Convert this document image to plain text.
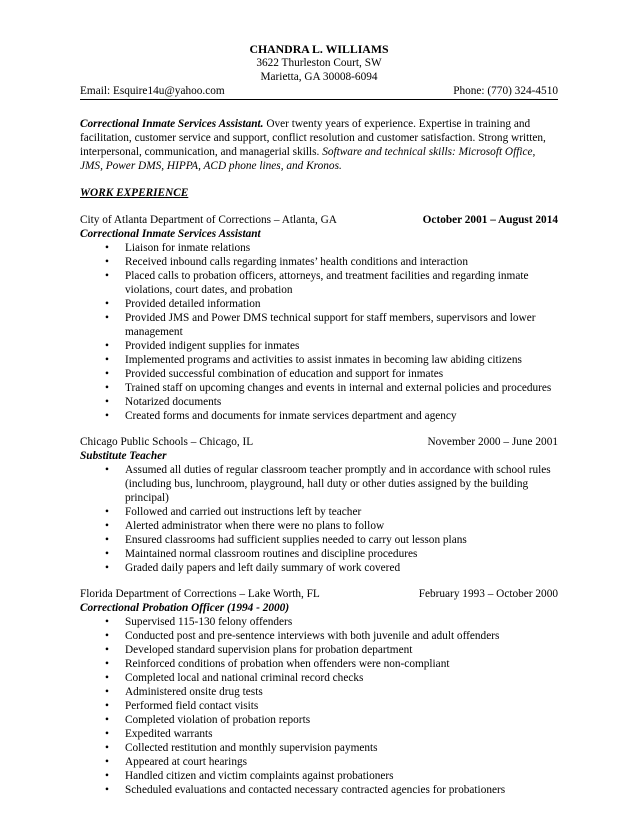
CHANDRA L. WILLIAMS
3622 Thurleston Court, SW
Marietta, GA 30008-6094
Email: Esquire14u@yahoo.com	Phone: (770) 324-4510
Correctional Inmate Services Assistant. Over twenty years of experience. Expertise in training and facilitation, customer service and support, conflict resolution and customer satisfaction. Strong written, interpersonal, communication, and managerial skills. Software and technical skills: Microsoft Office, JMS, Power DMS, HIPPA, ACD phone lines, and Kronos.
WORK EXPERIENCE
City of Atlanta Department of Corrections – Atlanta, GA	October 2001 – August 2014
Correctional Inmate Services Assistant
• Liaison for inmate relations
• Received inbound calls regarding inmates’ health conditions and interaction
• Placed calls to probation officers, attorneys, and treatment facilities and regarding inmate violations, court dates, and probation
• Provided detailed information
• Provided JMS and Power DMS technical support for staff members, supervisors and lower management
• Provided indigent supplies for inmates
• Implemented programs and activities to assist inmates in becoming law abiding citizens
• Provided successful combination of education and support for inmates
• Trained staff on upcoming changes and events in internal and external policies and procedures
• Notarized documents
• Created forms and documents for inmate services department and agency
Chicago Public Schools – Chicago, IL	November 2000 – June 2001
Substitute Teacher
• Assumed all duties of regular classroom teacher promptly and in accordance with school rules (including bus, lunchroom, playground, hall duty or other duties assigned by the building principal)
• Followed and carried out instructions left by teacher
• Alerted administrator when there were no plans to follow
• Ensured classrooms had sufficient supplies needed to carry out lesson plans
• Maintained normal classroom routines and discipline procedures
• Graded daily papers and left daily summary of work covered
Florida Department of Corrections – Lake Worth, FL	February 1993 – October 2000
Correctional Probation Officer (1994 - 2000)
• Supervised 115-130 felony offenders
• Conducted post and pre-sentence interviews with both juvenile and adult offenders
• Developed standard supervision plans for probation department
• Reinforced conditions of probation when offenders were non-compliant
• Completed local and national criminal record checks
• Administered onsite drug tests
• Performed field contact visits
• Completed violation of probation reports
• Expedited warrants
• Collected restitution and monthly supervision payments
• Appeared at court hearings
• Handled citizen and victim complaints against probationers
• Scheduled evaluations and contacted necessary contracted agencies for probationers
